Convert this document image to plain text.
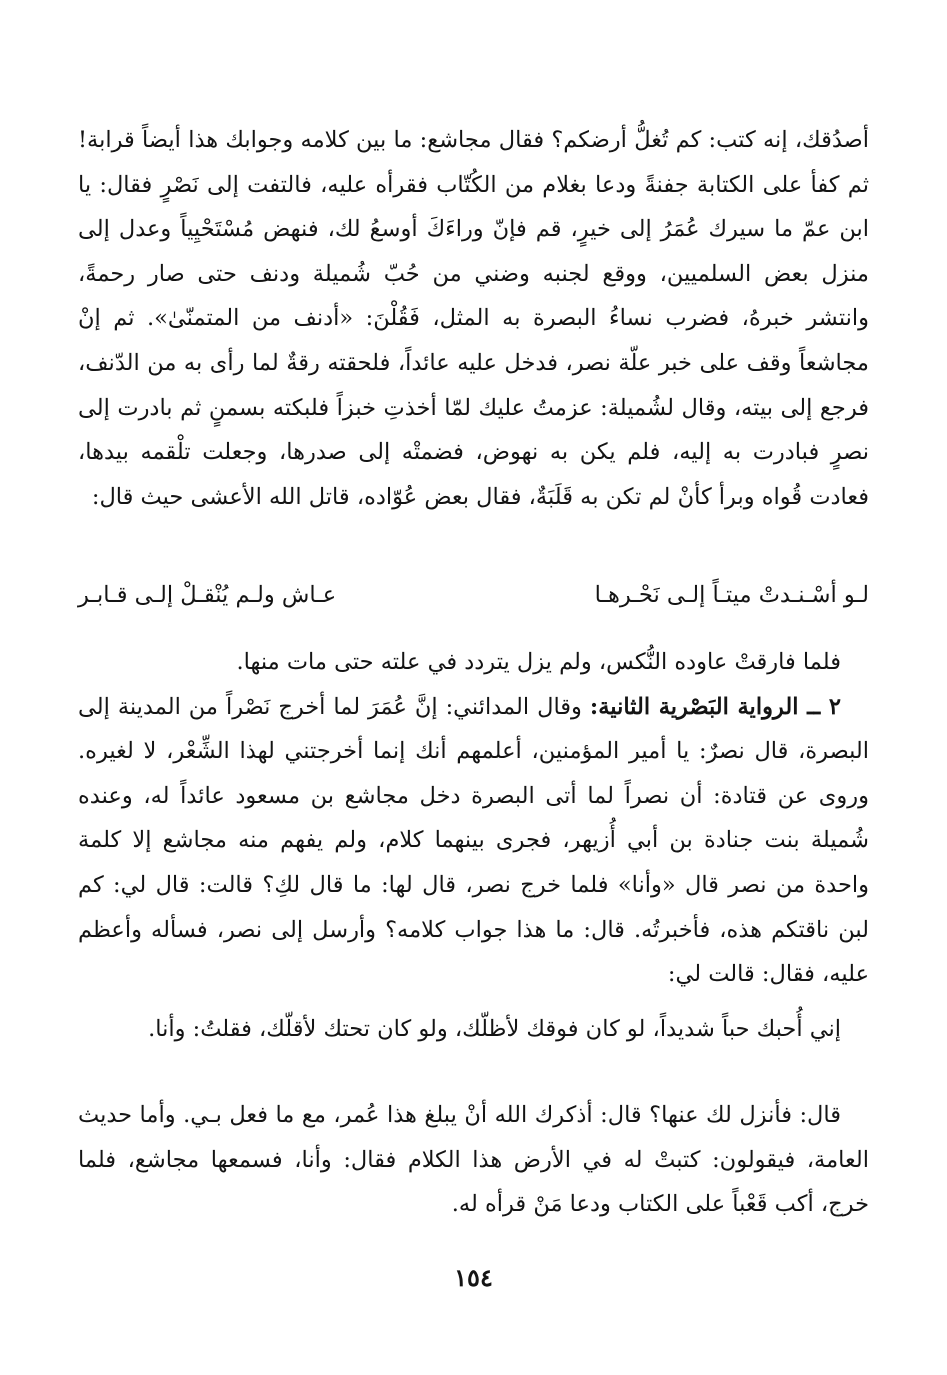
أصدُقك، إنه كتب: كم تُغلُّ أرضكم؟ فقال مجاشع: ما بين كلامه وجوابك هذا أيضاً قرابة! ثم كفأ على الكتابة جفنةً ودعا بغلام من الكُتّاب فقرأه عليه، فالتفت إلى نَصْرٍ فقال: يا ابن عمّ ما سيرك عُمَرُ إلى خيرٍ، قم فإنّ وراءَكَ أوسعُ لك، فنهض مُسْتَحْيِياً وعدل إلى منزل بعض السلميين، ووقع لجنبه وضني من حُبّ شُميلة ودنف حتى صار رحمةً، وانتشر خبرهُ، فضرب نساءُ البصرة به المثل، فَقُلْنَ: «أدنف من المتمنّىٰ». ثم إنْ مجاشعاً وقف على خبر علّة نصر، فدخل عليه عائداً، فلحقته رقةٌ لما رأى به من الدّنف، فرجع إلى بيته، وقال لشُميلة: عزمتُ عليك لمّا أخذتِ خبزاً فلبكته بسمنٍ ثم بادرت إلى نصرٍ فبادرت به إليه، فلم يكن به نهوض، فضمتْه إلى صدرها، وجعلت تلْقمه بيدها، فعادت قُواه وبرأ كأنْ لم تكن به قَلَبَةٌ، فقال بعض عُوّاده، قاتل الله الأعشى حيث قال:
لـو أسْـنـدتْ ميتـاً إلـى نَحْـرهـا
عـاش ولـم يُنْقـلْ إلـى قـابـر
فلما فارقتْ عاوده النُّكس، ولم يزل يتردد في علته حتى مات منها.
٢ ــ الرواية البَصْرية الثانية: وقال المدائني: إنَّ عُمَرَ لما أخرج نَصْراً من المدينة إلى البصرة، قال نصرٌ: يا أمير المؤمنين، أعلمهم أنك إنما أخرجتني لهذا الشِّعْر، لا لغيره. وروى عن قتادة: أن نصراً لما أتى البصرة دخل مجاشع بن مسعود عائداً له، وعنده شُميلة بنت جنادة بن أبي أُزيهر، فجرى بينهما كلام، ولم يفهم منه مجاشع إلا كلمة واحدة من نصر قال «وأنا» فلما خرج نصر، قال لها: ما قال لكِ؟ قالت: قال لي: كم لبن ناقتكم هذه، فأخبرتُه. قال: ما هذا جواب كلامه؟ وأرسل إلى نصر، فسأله وأعظم عليه، فقال: قالت لي:
إني أُحبك حباً شديداً، لو كان فوقك لأظلّك، ولو كان تحتك لأقلّك، فقلتُ: وأنا.
قال: فأنزل لك عنها؟ قال: أذكرك الله أنْ يبلغ هذا عُمر، مع ما فعل بـي. وأما حديث العامة، فيقولون: كتبتْ له في الأرض هذا الكلام فقال: وأنا، فسمعها مجاشع، فلما خرج، أكب قَعْباً على الكتاب ودعا مَنْ قرأه له.
١٥٤
